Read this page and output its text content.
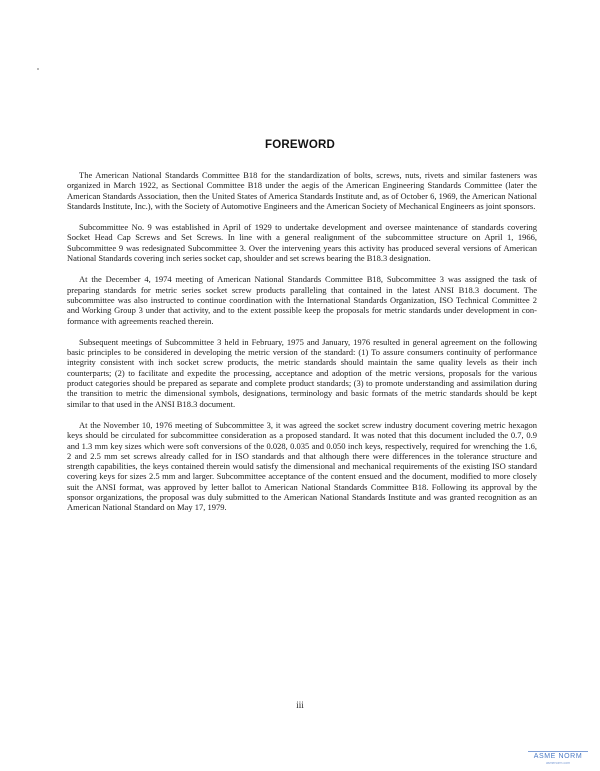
FOREWORD

The American National Standards Committee B18 for the standardization of bolts, screws, nuts, rivets and similar fasteners was organized in March 1922, as Sectional Committee B18 under the aegis of the American Engineering Standards Committee (later the American Standards Association, then the United States of America Standards Institute and, as of October 6, 1969, the American National Standards Institute, Inc.), with the Society of Automotive Engineers and the American Society of Mechanical Engineers as joint sponsors.

Subcommittee No. 9 was established in April of 1929 to undertake development and oversee maintenance of standards covering Socket Head Cap Screws and Set Screws. In line with a general realignment of the subcommittee structure on April 1, 1966, Subcommittee 9 was redesignated Subcommittee 3. Over the intervening years this activity has produced several versions of American National Standards covering inch series socket cap, shoulder and set screws bearing the B18.3 designation.

At the December 4, 1974 meeting of American National Standards Committee B18, Subcommittee 3 was assigned the task of preparing standards for metric series socket screw products paralleling that contained in the latest ANSI B18.3 document. The subcommittee was also instructed to continue coordination with the International Standards Organization, ISO Technical Committee 2 and Working Group 3 under that activity, and to the extent possible keep the proposals for metric standards under development in conformance with agreements reached therein.

Subsequent meetings of Subcommittee 3 held in February, 1975 and January, 1976 resulted in general agreement on the following basic principles to be considered in developing the metric version of the standard: (1) To assure consumers continuity of performance integrity consistent with inch socket screw products, the metric standards should maintain the same quality levels as their inch counterparts; (2) to facilitate and expedite the processing, acceptance and adoption of the metric versions, proposals for the various product categories should be prepared as separate and complete product standards; (3) to promote understanding and assimilation during the transition to metric the dimensional symbols, designations, terminology and basic formats of the metric standards should be kept similar to that used in the ANSI B18.3 document.

At the November 10, 1976 meeting of Subcommittee 3, it was agreed the socket screw industry document covering metric hexagon keys should be circulated for subcommittee consideration as a proposed standard. It was noted that this document included the 0.7, 0.9 and 1.3 mm key sizes which were soft conversions of the 0.028, 0.035 and 0.050 inch keys, respectively, required for wrenching the 1.6, 2 and 2.5 mm set screws already called for in ISO standards and that although there were differences in the tolerance structure and strength capabilities, the keys contained therein would satisfy the dimensional and mechanical requirements of the existing ISO standard covering keys for sizes 2.5 mm and larger. Subcommittee acceptance of the content ensued and the document, modified to more closely suit the ANSI format, was approved by letter ballot to American National Standards Committee B18. Following its approval by the sponsor organizations, the proposal was duly submitted to the American National Standards Institute and was granted recognition as an American National Standard on May 17, 1979.

iii
ASME NORM
asmenorm.com
